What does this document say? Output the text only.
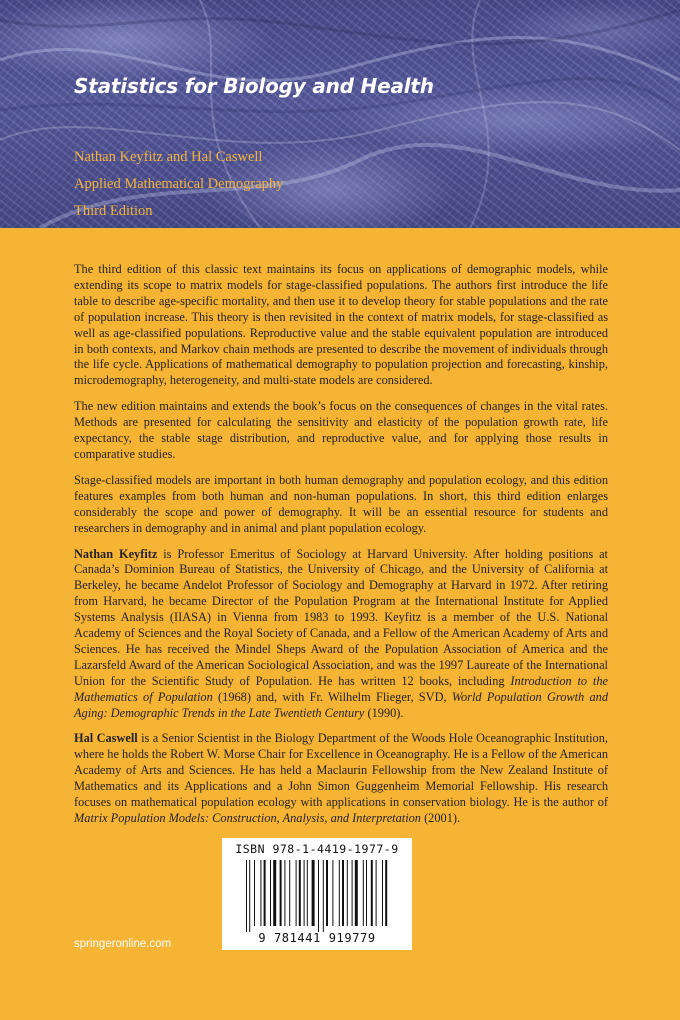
Statistics for Biology and Health
Nathan Keyfitz and Hal Caswell
Applied Mathematical Demography
Third Edition

The third edition of this classic text maintains its focus on applications of demographic models, while extending its scope to matrix models for stage-classified populations. The authors first introduce the life table to describe age-specific mortality, and then use it to develop theory for stable populations and the rate of population increase. This theory is then revisited in the context of matrix models, for stage-classified as well as age-classified populations. Reproductive value and the stable equivalent population are introduced in both contexts, and Markov chain methods are presented to describe the movement of individuals through the life cycle. Applications of mathematical demography to population projection and forecasting, kinship, microdemography, heterogeneity, and multi-state models are considered.

The new edition maintains and extends the book’s focus on the consequences of changes in the vital rates. Methods are presented for calculating the sensitivity and elasticity of the population growth rate, life expectancy, the stable stage distribution, and reproductive value, and for applying those results in comparative studies.

Stage-classified models are important in both human demography and population ecology, and this edition features examples from both human and non-human populations. In short, this third edition enlarges considerably the scope and power of demography. It will be an essential resource for students and researchers in demography and in animal and plant population ecology.

Nathan Keyfitz is Professor Emeritus of Sociology at Harvard University. After holding positions at Canada’s Dominion Bureau of Statistics, the University of Chicago, and the University of California at Berkeley, he became Andelot Professor of Sociology and Demography at Harvard in 1972. After retiring from Harvard, he became Director of the Population Program at the International Institute for Applied Systems Analysis (IIASA) in Vienna from 1983 to 1993. Keyfitz is a member of the U.S. National Academy of Sciences and the Royal Society of Canada, and a Fellow of the American Academy of Arts and Sciences. He has received the Mindel Sheps Award of the Population Association of America and the Lazarsfeld Award of the American Sociological Association, and was the 1997 Laureate of the International Union for the Scientific Study of Population. He has written 12 books, including Introduction to the Mathematics of Population (1968) and, with Fr. Wilhelm Flieger, SVD, World Population Growth and Aging: Demographic Trends in the Late Twentieth Century (1990).

Hal Caswell is a Senior Scientist in the Biology Department of the Woods Hole Oceanographic Institution, where he holds the Robert W. Morse Chair for Excellence in Oceanography. He is a Fellow of the American Academy of Arts and Sciences. He has held a Maclaurin Fellowship from the New Zealand Institute of Mathematics and its Applications and a John Simon Guggenheim Memorial Fellowship. His research focuses on mathematical population ecology with applications in conservation biology. He is the author of Matrix Population Models: Construction, Analysis, and Interpretation (2001).

ISBN 978-1-4419-1977-9
9 781441 919779
springeronline.com
